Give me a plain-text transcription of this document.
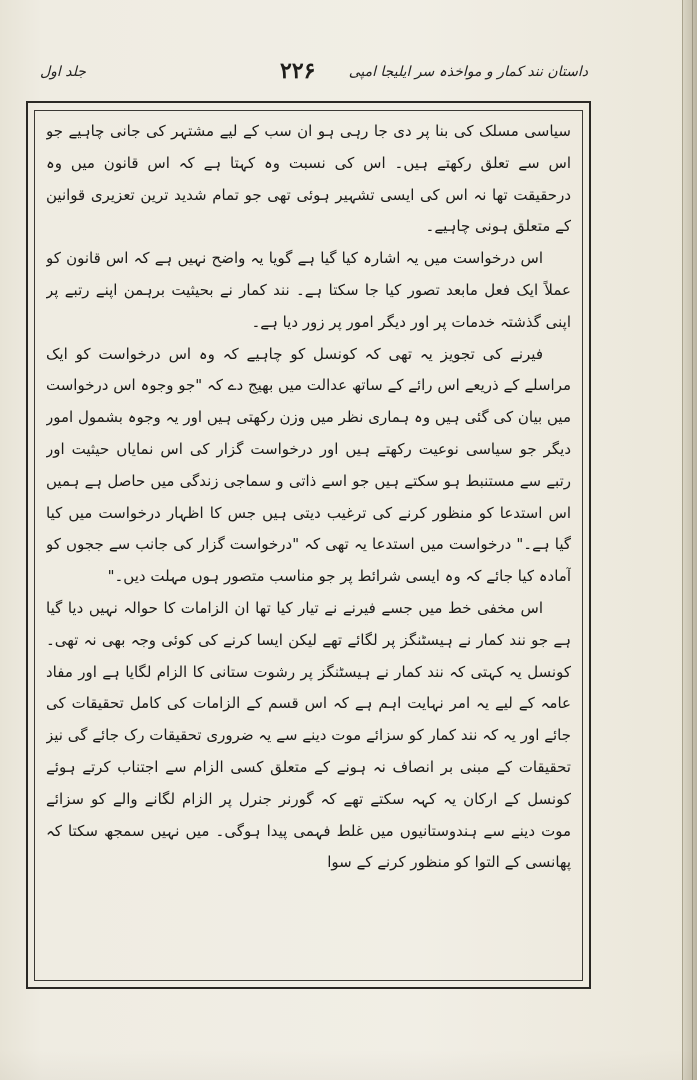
داستان نند کمار و مواخذہ سر ایلیجا امپی
۲۲۶
جلد اول

سیاسی مسلک کی بنا پر دی جا رہی ہو ان سب کے لیے مشتہر کی جانی چاہیے جو اس سے تعلق رکھتے ہیں۔ اس کی نسبت وہ کہتا ہے کہ اس قانون میں وہ درحقیقت تھا نہ اس کی ایسی تشہیر ہوئی تھی جو تمام شدید ترین تعزیری قوانین کے متعلق ہونی چاہیے۔

اس درخواست میں یہ اشارہ کیا گیا ہے گویا یہ واضح نہیں ہے کہ اس قانون کو عملاً ایک فعل مابعد تصور کیا جا سکتا ہے۔ نند کمار نے بحیثیت برہمن اپنے رتبے پر اپنی گذشتہ خدمات پر اور دیگر امور پر زور دیا ہے۔

فیرنے کی تجویز یہ تھی کہ کونسل کو چاہیے کہ وہ اس درخواست کو ایک مراسلے کے ذریعے اس رائے کے ساتھ عدالت میں بھیج دے کہ "جو وجوہ اس درخواست میں بیان کی گئی ہیں وہ ہماری نظر میں وزن رکھتی ہیں اور یہ وجوہ بشمول امور دیگر جو سیاسی نوعیت رکھتے ہیں اور درخواست گزار کی اس نمایاں حیثیت اور رتبے سے مستنبط ہو سکتے ہیں جو اسے ذاتی و سماجی زندگی میں حاصل ہے ہمیں اس استدعا کو منظور کرنے کی ترغیب دیتی ہیں جس کا اظہار درخواست میں کیا گیا ہے۔" درخواست میں استدعا یہ تھی کہ "درخواست گزار کی جانب سے ججوں کو آمادہ کیا جائے کہ وہ ایسی شرائط پر جو مناسب متصور ہوں مہلت دیں۔"

اس مخفی خط میں جسے فیرنے نے تیار کیا تھا ان الزامات کا حوالہ نہیں دیا گیا ہے جو نند کمار نے ہیسٹنگز پر لگائے تھے لیکن ایسا کرنے کی کوئی وجہ بھی نہ تھی۔ کونسل یہ کہتی کہ نند کمار نے ہیسٹنگز پر رشوت ستانی کا الزام لگایا ہے اور مفاد عامہ کے لیے یہ امر نہایت اہم ہے کہ اس قسم کے الزامات کی کامل تحقیقات کی جائے اور یہ کہ نند کمار کو سزائے موت دینے سے یہ ضروری تحقیقات رک جائے گی نیز تحقیقات کے مبنی بر انصاف نہ ہونے کے متعلق کسی الزام سے اجتناب کرتے ہوئے کونسل کے ارکان یہ کہہ سکتے تھے کہ گورنر جنرل پر الزام لگانے والے کو سزائے موت دینے سے ہندوستانیوں میں غلط فہمی پیدا ہوگی۔ میں نہیں سمجھ سکتا کہ پھانسی کے التوا کو منظور کرنے کے سوا
